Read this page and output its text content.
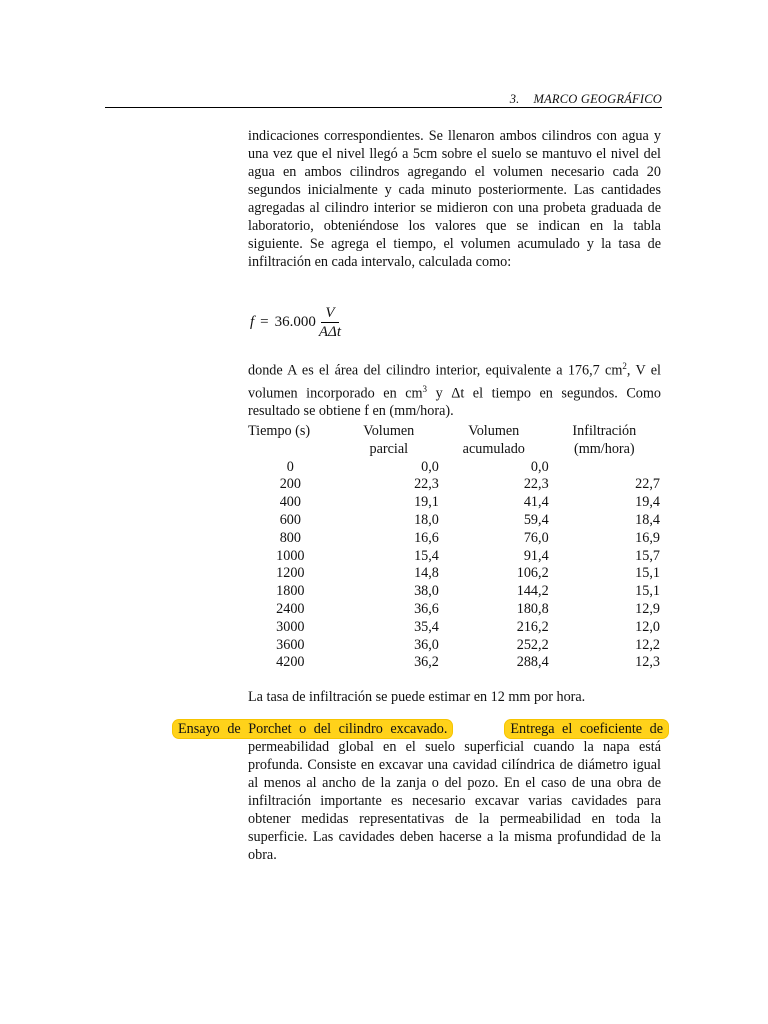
3. MARCO GEOGRÁFICO
indicaciones correspondientes. Se llenaron ambos cilindros con agua y una vez que el nivel llegó a 5cm sobre el suelo se mantuvo el nivel del agua en ambos cilindros agregando el volumen necesario cada 20 segundos inicialmente y cada minuto posteriormente. Las cantidades agregadas al cilindro interior se midieron con una probeta graduada de laboratorio, obteniéndose los valores que se indican en la tabla siguiente. Se agrega el tiempo, el volumen acumulado y la tasa de infiltración en cada intervalo, calculada como:
$f = 36.000 \frac{V}{\text{AΔt}}$
donde A es el área del cilindro interior, equivalente a 176,7 $cm^2$, V el volumen incorporado en $cm^3$ y Δt el tiempo en segundos. Como resultado se obtiene f en (mm/hora).
Tiempo (s)	Volumen	Volumen	Infiltración
	parcial	acumulado	(mm/hora)
0	0,0	0,0	
200	22,3	22,3	22,7
400	19,1	41,4	19,4
600	18,0	59,4	18,4
800	16,6	76,0	16,9
1000	15,4	91,4	15,7
1200	14,8	106,2	15,1
1800	38,0	144,2	15,1
2400	36,6	180,8	12,9
3000	35,4	216,2	12,0
3600	36,0	252,2	12,2
4200	36,2	288,4	12,3
La tasa de infiltración se puede estimar en 12 mm por hora.
Ensayo de Porchet o del cilindro excavado.	Entrega el coeficiente de
permeabilidad global en el suelo superficial cuando la napa está profunda. Consiste en excavar una cavidad cilíndrica de diámetro igual al menos al ancho de la zanja o del pozo. En el caso de una obra de infiltración importante es necesario excavar varias cavidades para obtener medidas representativas de la permeabilidad en toda la superficie. Las cavidades deben hacerse a la misma profundidad de la obra.
